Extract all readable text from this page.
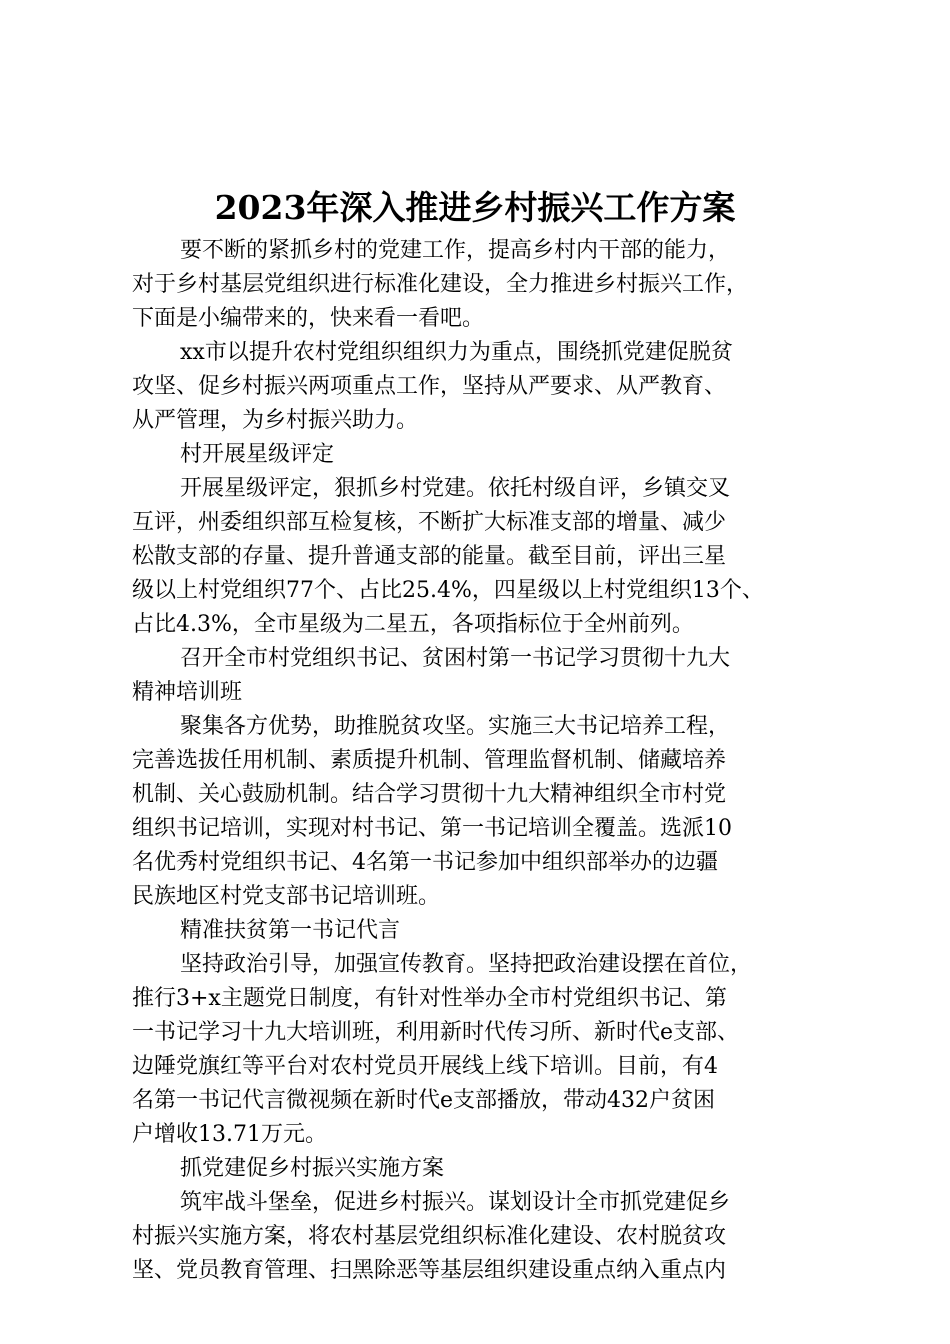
2023年深入推进乡村振兴工作方案
要不断的紧抓乡村的党建工作，提高乡村内干部的能力，
对于乡村基层党组织进行标准化建设，全力推进乡村振兴工作，
下面是小编带来的，快来看一看吧。
xx市以提升农村党组织组织力为重点，围绕抓党建促脱贫
攻坚、促乡村振兴两项重点工作，坚持从严要求、从严教育、
从严管理，为乡村振兴助力。
村开展星级评定
开展星级评定，狠抓乡村党建。依托村级自评，乡镇交叉
互评，州委组织部互检复核，不断扩大标准支部的增量、减少
松散支部的存量、提升普通支部的能量。截至目前，评出三星
级以上村党组织77个、占比25.4%，四星级以上村党组织13个、
占比4.3%，全市星级为二星五，各项指标位于全州前列。
召开全市村党组织书记、贫困村第一书记学习贯彻十九大
精神培训班
聚集各方优势，助推脱贫攻坚。实施三大书记培养工程，
完善选拔任用机制、素质提升机制、管理监督机制、储藏培养
机制、关心鼓励机制。结合学习贯彻十九大精神组织全市村党
组织书记培训，实现对村书记、第一书记培训全覆盖。选派10
名优秀村党组织书记、4名第一书记参加中组织部举办的边疆
民族地区村党支部书记培训班。
精准扶贫第一书记代言
坚持政治引导，加强宣传教育。坚持把政治建设摆在首位，
推行3+x主题党日制度，有针对性举办全市村党组织书记、第
一书记学习十九大培训班，利用新时代传习所、新时代e支部、
边陲党旗红等平台对农村党员开展线上线下培训。目前，有4
名第一书记代言微视频在新时代e支部播放，带动432户贫困
户增收13.71万元。
抓党建促乡村振兴实施方案
筑牢战斗堡垒，促进乡村振兴。谋划设计全市抓党建促乡
村振兴实施方案，将农村基层党组织标准化建设、农村脱贫攻
坚、党员教育管理、扫黑除恶等基层组织建设重点纳入重点内
